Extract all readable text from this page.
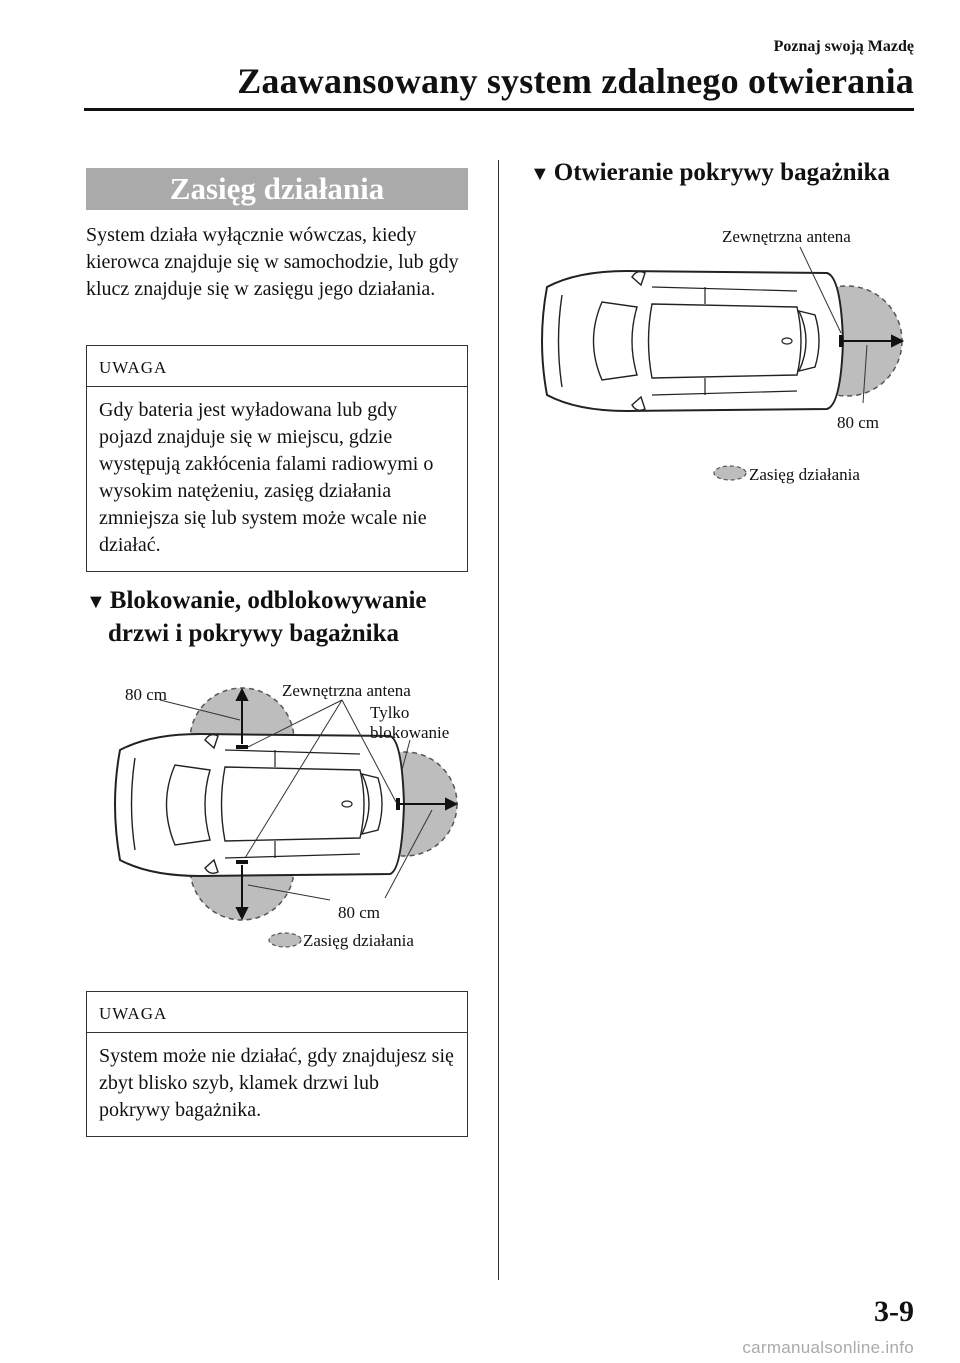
Poznaj swoją Mazdę
Zaawansowany system zdalnego otwierania
Zasięg działania
System działa wyłącznie wówczas, kiedy kierowca znajduje się w samochodzie, lub gdy klucz znajduje się w zasięgu jego działania.
UWAGA
Gdy bateria jest wyładowana lub gdy pojazd znajduje się w miejscu, gdzie występują zakłócenia falami radiowymi o wysokim natężeniu, zasięg działania zmniejsza się lub system może wcale nie działać.
▼ Blokowanie, odblokowywanie
drzwi i pokrywy bagażnika
80 cm	Zewnętrzna antena
Tylko
blokowanie
80 cm
Zasięg działania
UWAGA
System może nie działać, gdy znajdujesz się zbyt blisko szyb, klamek drzwi lub pokrywy bagażnika.
▼ Otwieranie pokrywy bagażnika
Zewnętrzna antena
80 cm
Zasięg działania
3-9
carmanualsonline.info
